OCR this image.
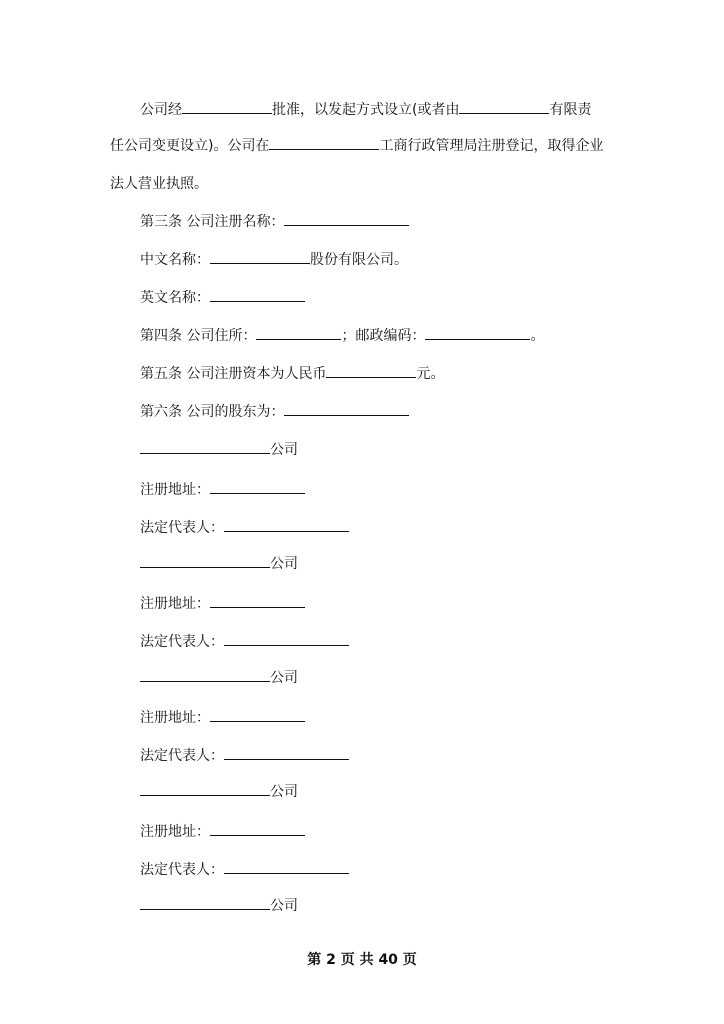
公司经	批准，以发起方式设立(或者由	有限责
任公司变更设立)。公司在	工商行政管理局注册登记，取得企业
法人营业执照。
第三条 公司注册名称：
中文名称：	股份有限公司。
英文名称：
第四条 公司住所：	；邮政编码：	。
第五条 公司注册资本为人民币	元。
第六条 公司的股东为：
公司
注册地址：
法定代表人：
公司
注册地址：
法定代表人：
公司
注册地址：
法定代表人：
公司
注册地址：
法定代表人：
公司
第 2 页 共 40 页
